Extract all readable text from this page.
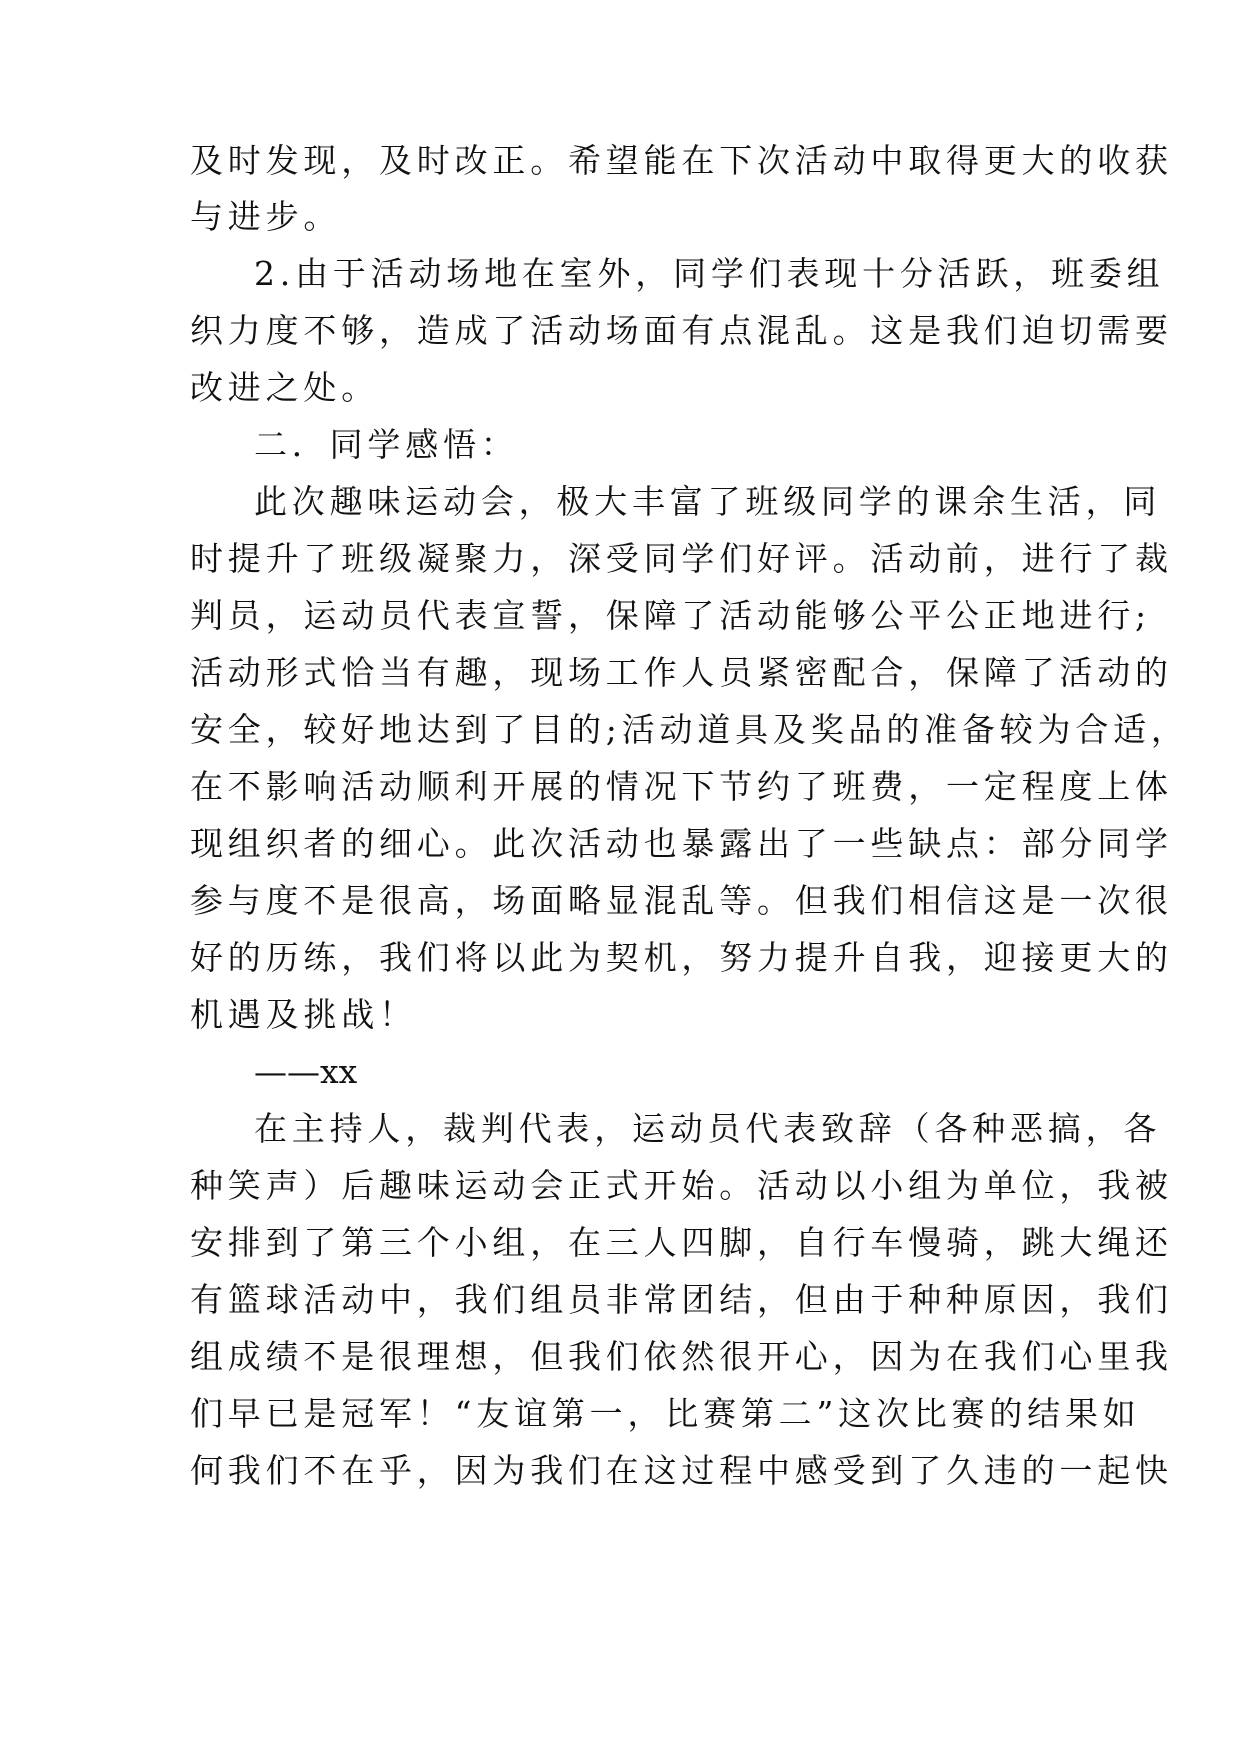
及时发现，及时改正。希望能在下次活动中取得更大的收获
与进步。
2.由于活动场地在室外，同学们表现十分活跃，班委组
织力度不够，造成了活动场面有点混乱。这是我们迫切需要
改进之处。
二．同学感悟：
此次趣味运动会，极大丰富了班级同学的课余生活，同
时提升了班级凝聚力，深受同学们好评。活动前，进行了裁
判员，运动员代表宣誓，保障了活动能够公平公正地进行;
活动形式恰当有趣，现场工作人员紧密配合，保障了活动的
安全，较好地达到了目的;活动道具及奖品的准备较为合适，
在不影响活动顺利开展的情况下节约了班费，一定程度上体
现组织者的细心。此次活动也暴露出了一些缺点：部分同学
参与度不是很高，场面略显混乱等。但我们相信这是一次很
好的历练，我们将以此为契机，努力提升自我，迎接更大的
机遇及挑战！
——xx
在主持人，裁判代表，运动员代表致辞（各种恶搞，各
种笑声）后趣味运动会正式开始。活动以小组为单位，我被
安排到了第三个小组，在三人四脚，自行车慢骑，跳大绳还
有篮球活动中，我们组员非常团结，但由于种种原因，我们
组成绩不是很理想，但我们依然很开心，因为在我们心里我
们早已是冠军！“友谊第一，比赛第二”这次比赛的结果如
何我们不在乎，因为我们在这过程中感受到了久违的一起快
